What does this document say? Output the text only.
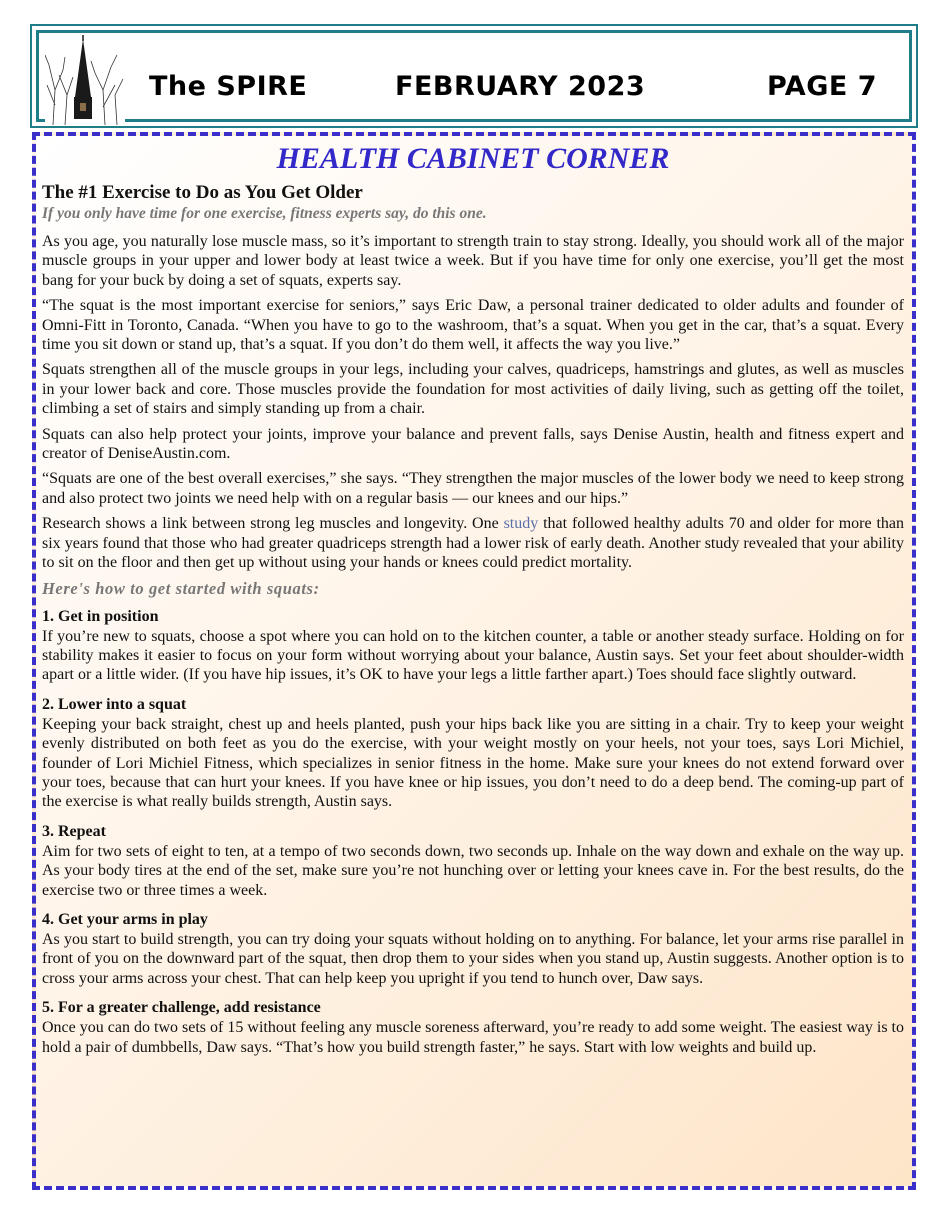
The SPIRE	FEBRUARY 2023	PAGE 7
HEALTH CABINET CORNER
The #1 Exercise to Do as You Get Older
If you only have time for one exercise, fitness experts say, do this one.

As you age, you naturally lose muscle mass, so it’s important to strength train to stay strong. Ideally, you should work all of the major muscle groups in your upper and lower body at least twice a week. But if you have time for only one exercise, you’ll get the most bang for your buck by doing a set of squats, experts say.

“The squat is the most important exercise for seniors,” says Eric Daw, a personal trainer dedicated to older adults and founder of Omni-Fitt in Toronto, Canada. “When you have to go to the washroom, that’s a squat. When you get in the car, that’s a squat. Every time you sit down or stand up, that’s a squat. If you don’t do them well, it affects the way you live.”

Squats strengthen all of the muscle groups in your legs, including your calves, quadriceps, hamstrings and glutes, as well as muscles in your lower back and core. Those muscles provide the foundation for most activities of daily living, such as getting off the toilet, climbing a set of stairs and simply standing up from a chair.

Squats can also help protect your joints, improve your balance and prevent falls, says Denise Austin, health and fitness expert and creator of DeniseAustin.com.

“Squats are one of the best overall exercises,” she says. “They strengthen the major muscles of the lower body we need to keep strong and also protect two joints we need help with on a regular basis — our knees and our hips.”

Research shows a link between strong leg muscles and longevity. One study that followed healthy adults 70 and older for more than six years found that those who had greater quadriceps strength had a lower risk of early death. Another study revealed that your ability to sit on the floor and then get up without using your hands or knees could predict mortality.

Here's how to get started with squats:
1. Get in position

If you’re new to squats, choose a spot where you can hold on to the kitchen counter, a table or another steady surface. Holding on for stability makes it easier to focus on your form without worrying about your balance, Austin says. Set your feet about shoulder-width apart or a little wider. (If you have hip issues, it’s OK to have your legs a little farther apart.) Toes should face slightly outward.

2. Lower into a squat

Keeping your back straight, chest up and heels planted, push your hips back like you are sitting in a chair. Try to keep your weight evenly distributed on both feet as you do the exercise, with your weight mostly on your heels, not your toes, says Lori Michiel, founder of Lori Michiel Fitness, which specializes in senior fitness in the home. Make sure your knees do not extend forward over your toes, because that can hurt your knees. If you have knee or hip issues, you don’t need to do a deep bend. The coming-up part of the exercise is what really builds strength, Austin says.

3. Repeat

Aim for two sets of eight to ten, at a tempo of two seconds down, two seconds up. Inhale on the way down and exhale on the way up. As your body tires at the end of the set, make sure you’re not hunching over or letting your knees cave in. For the best results, do the exercise two or three times a week.

4. Get your arms in play

As you start to build strength, you can try doing your squats without holding on to anything. For balance, let your arms rise parallel in front of you on the downward part of the squat, then drop them to your sides when you stand up, Austin suggests. Another option is to cross your arms across your chest. That can help keep you upright if you tend to hunch over, Daw says.

5. For a greater challenge, add resistance

Once you can do two sets of 15 without feeling any muscle soreness afterward, you’re ready to add some weight. The easiest way is to hold a pair of dumbbells, Daw says. “That’s how you build strength faster,” he says. Start with low weights and build up.
